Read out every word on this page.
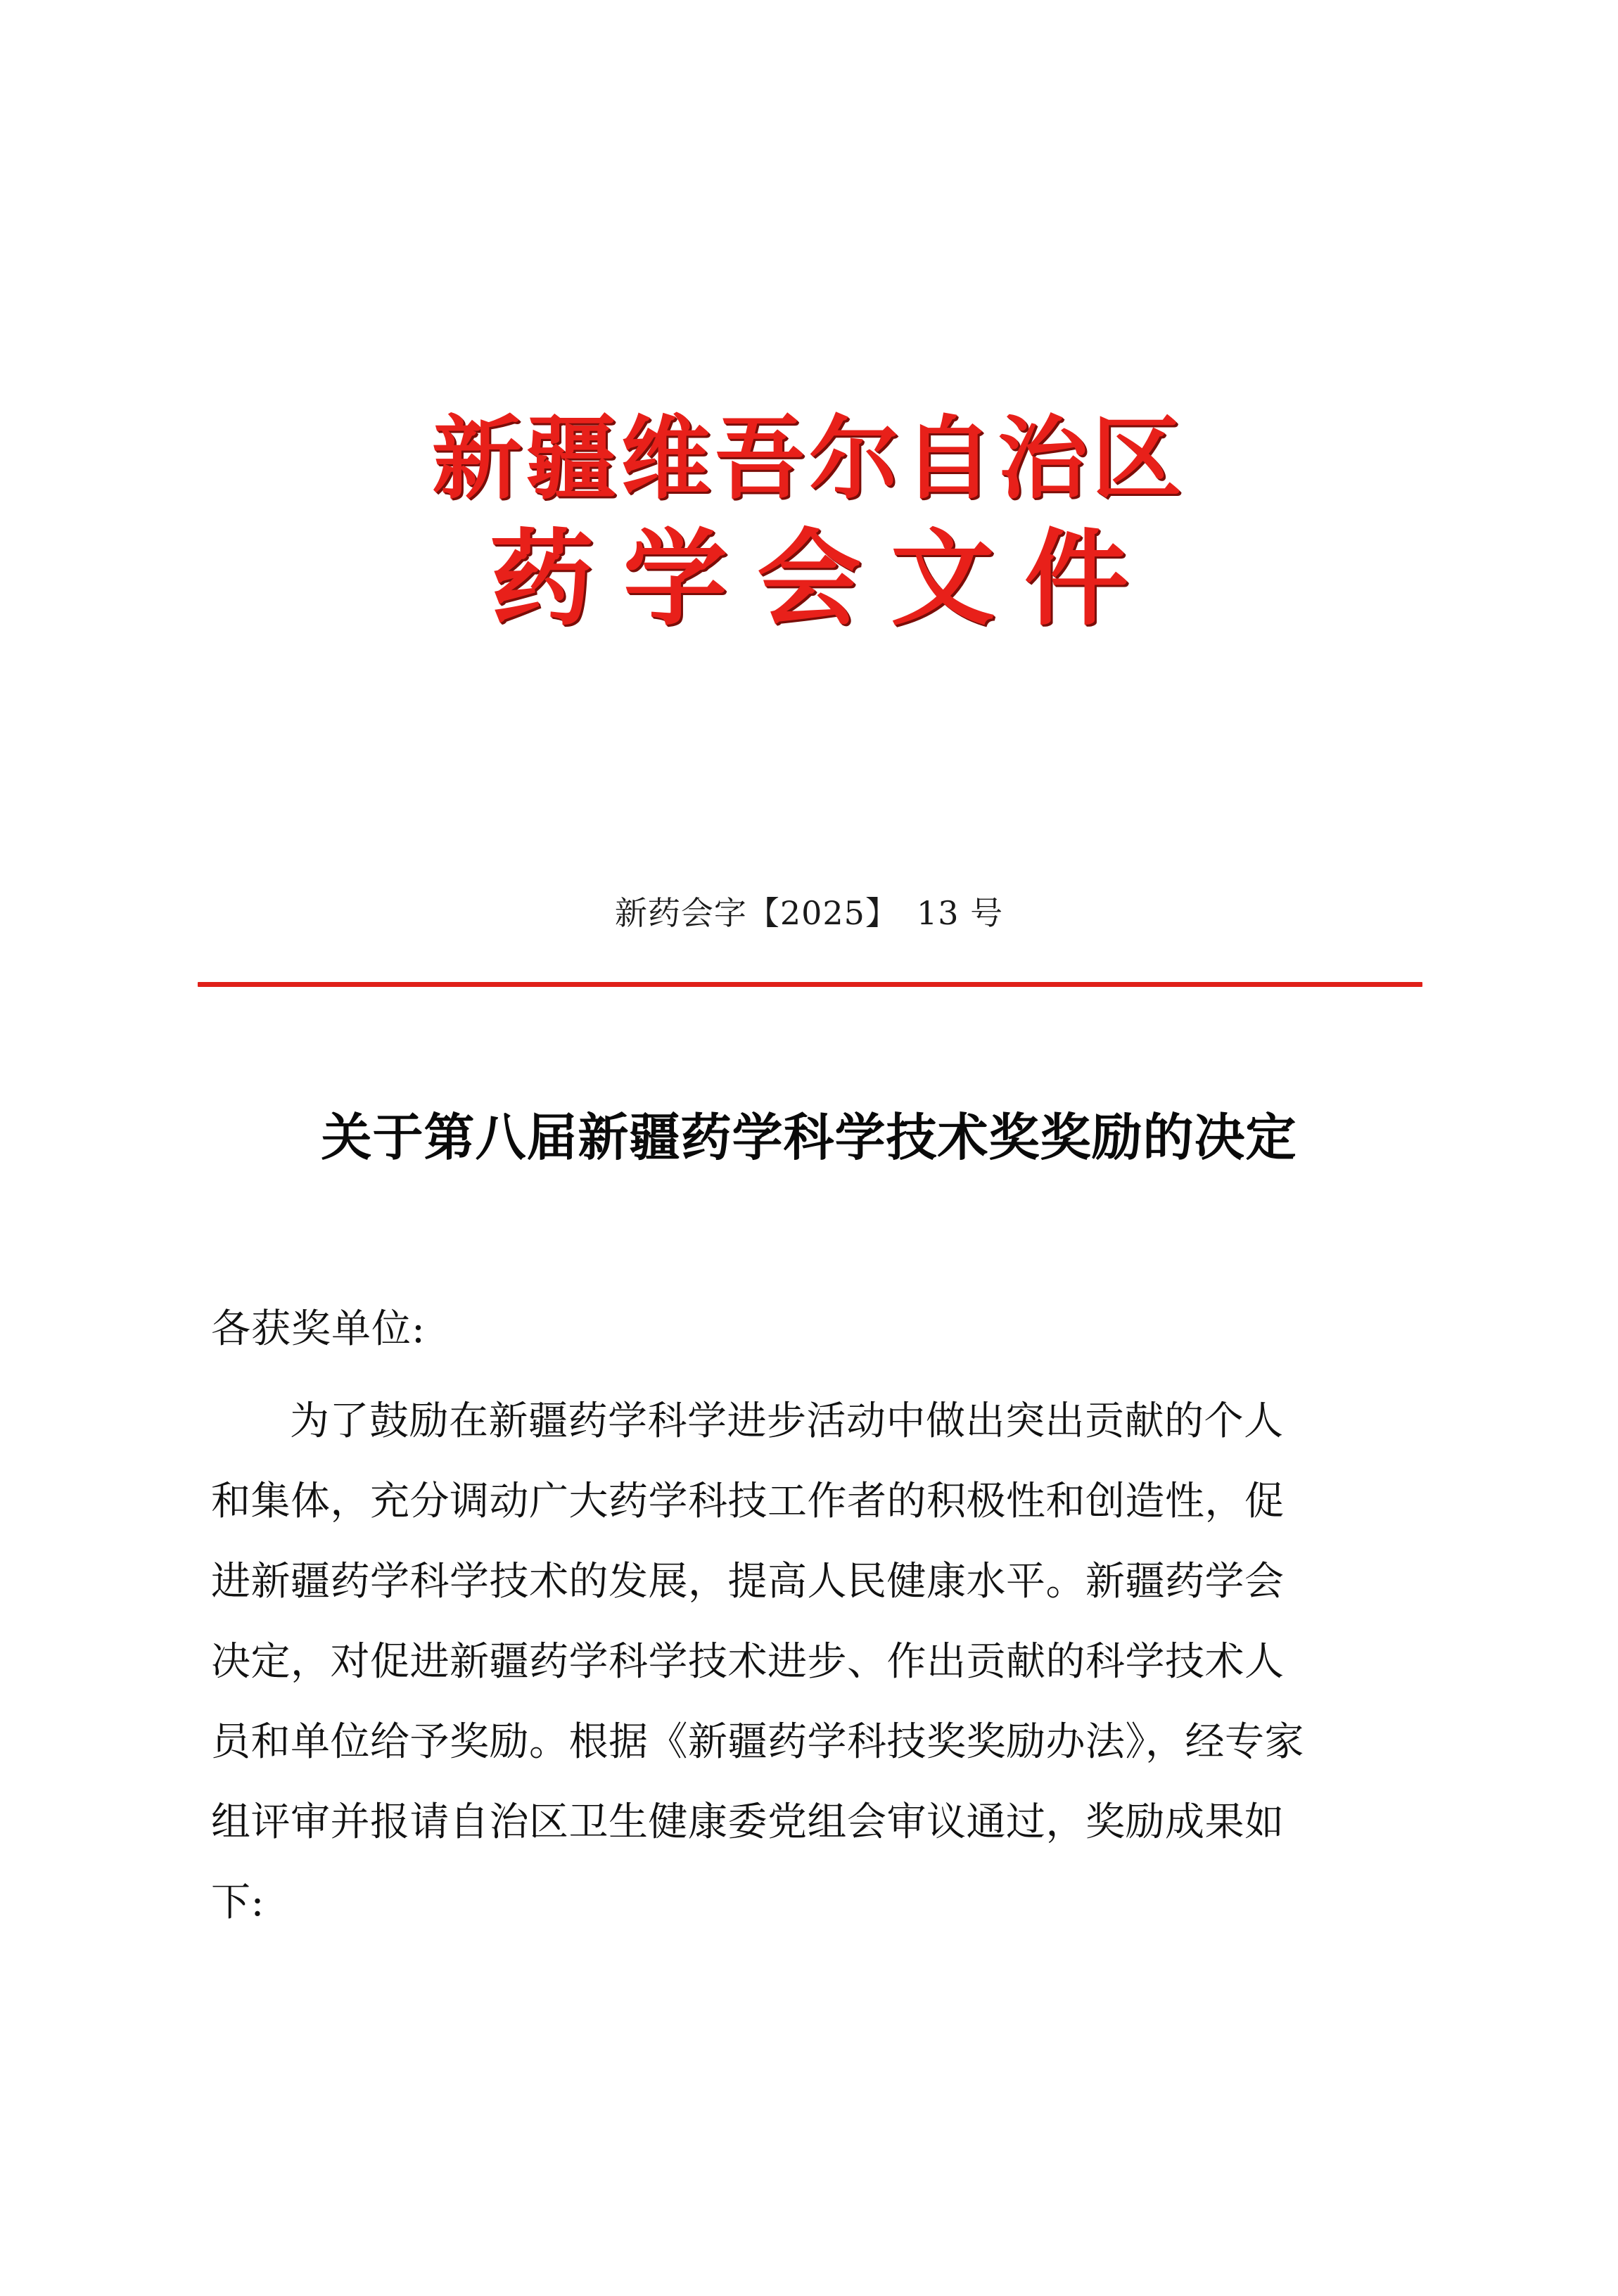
新疆维吾尔自治区
药学会文件
新药会字【2025】 13 号
关于第八届新疆药学科学技术奖奖励的决定

各获奖单位:

为了鼓励在新疆药学科学进步活动中做出突出贡献的个人

和集体，充分调动广大药学科技工作者的积极性和创造性，促

进新疆药学科学技术的发展，提高人民健康水平。新疆药学会

决定，对促进新疆药学科学技术进步、作出贡献的科学技术人

员和单位给予奖励。根据《新疆药学科技奖奖励办法》，经专家

组评审并报请自治区卫生健康委党组会审议通过，奖励成果如

下:
